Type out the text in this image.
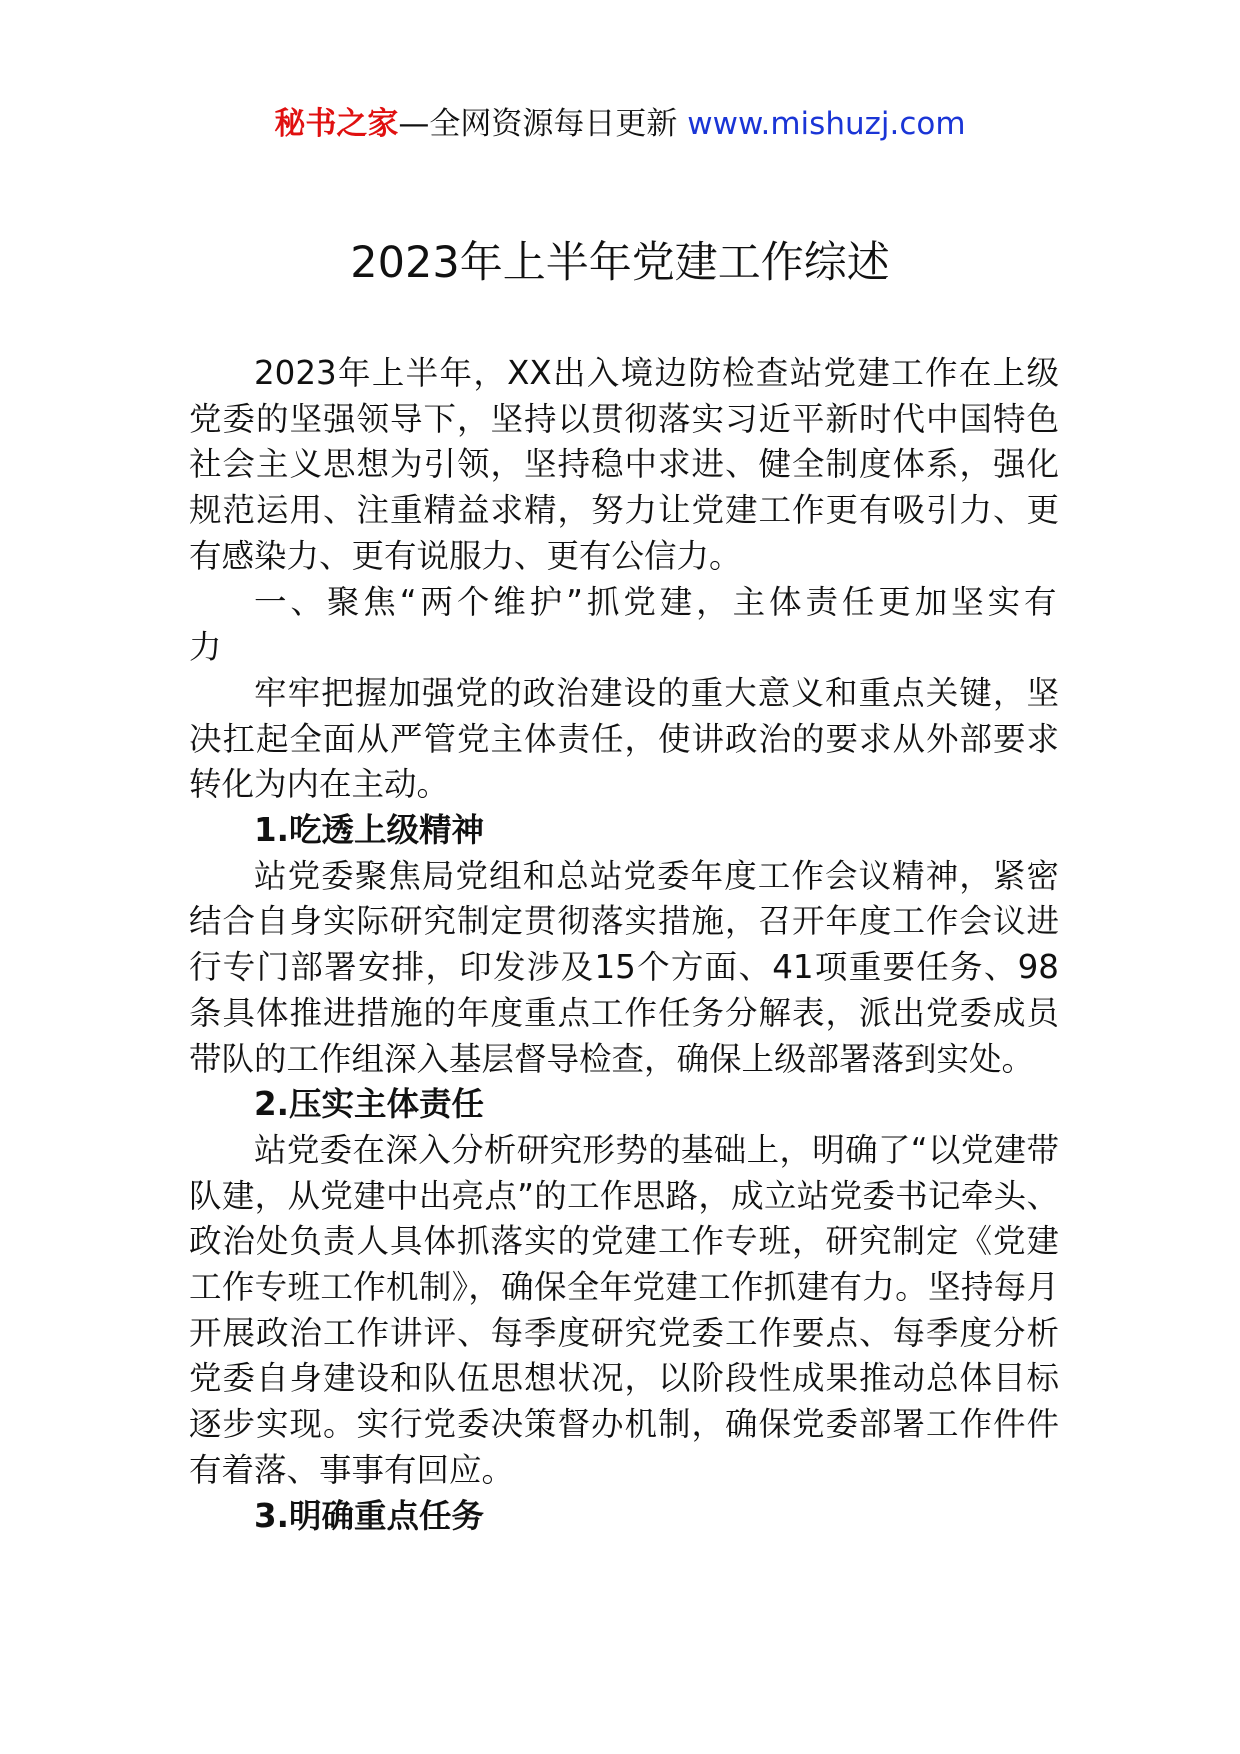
秘书之家—全网资源每日更新 www.mishuzj.com
2023年上半年党建工作综述

2023年上半年，XX出入境边防检查站党建工作在上级党委的坚强领导下，坚持以贯彻落实习近平新时代中国特色社会主义思想为引领，坚持稳中求进、健全制度体系，强化规范运用、注重精益求精，努力让党建工作更有吸引力、更有感染力、更有说服力、更有公信力。

一、聚焦“两个维护”抓党建，主体责任更加坚实有力

牢牢把握加强党的政治建设的重大意义和重点关键，坚决扛起全面从严管党主体责任，使讲政治的要求从外部要求转化为内在主动。

1.吃透上级精神

站党委聚焦局党组和总站党委年度工作会议精神，紧密结合自身实际研究制定贯彻落实措施，召开年度工作会议进行专门部署安排，印发涉及15个方面、41项重要任务、98条具体推进措施的年度重点工作任务分解表，派出党委成员带队的工作组深入基层督导检查，确保上级部署落到实处。

2.压实主体责任

站党委在深入分析研究形势的基础上，明确了“以党建带队建，从党建中出亮点”的工作思路，成立站党委书记牵头、政治处负责人具体抓落实的党建工作专班，研究制定《党建工作专班工作机制》，确保全年党建工作抓建有力。坚持每月开展政治工作讲评、每季度研究党委工作要点、每季度分析党委自身建设和队伍思想状况，以阶段性成果推动总体目标逐步实现。实行党委决策督办机制，确保党委部署工作件件有着落、事事有回应。

3.明确重点任务
